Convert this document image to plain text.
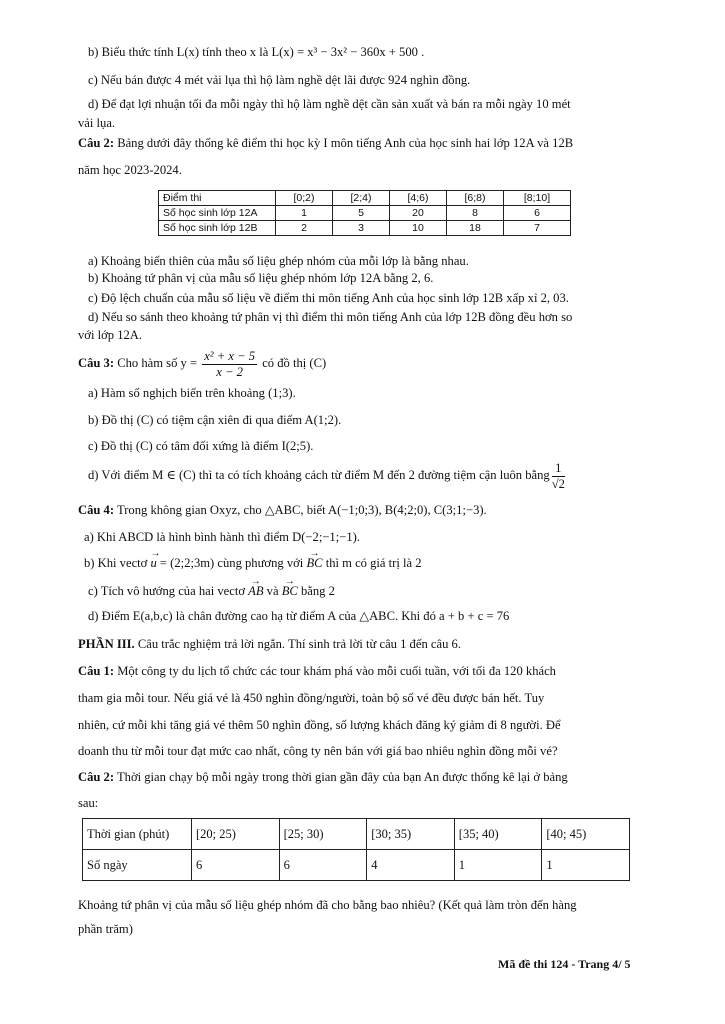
b) Biểu thức tính L(x) tính theo x là L(x) = x³ − 3x² − 360x + 500 .
c) Nếu bán được 4 mét vải lụa thì hộ làm nghề dệt lãi được 924 nghìn đồng.
d) Để đạt lợi nhuận tối đa mỗi ngày thì hộ làm nghề dệt cần sản xuất và bán ra mỗi ngày 10 mét
vải lụa.
Câu 2: Bảng dưới đây thống kê điểm thi học kỳ I môn tiếng Anh của học sinh hai lớp 12A và 12B
năm học 2023-2024.
Điểm thi	[0;2)	[2;4)	[4;6)	[6;8)	[8;10]
Số học sinh lớp 12A	1	5	20	8	6
Số học sinh lớp 12B	2	3	10	18	7
a) Khoảng biến thiên của mẫu số liệu ghép nhóm của mỗi lớp là bằng nhau.
b) Khoảng tứ phân vị của mẫu số liệu ghép nhóm lớp 12A bằng 2, 6.
c) Độ lệch chuẩn của mẫu số liệu về điểm thi môn tiếng Anh của học sinh lớp 12B xấp xỉ 2, 03.
d) Nếu so sánh theo khoảng tứ phân vị thì điểm thi môn tiếng Anh của lớp 12B đồng đều hơn so
với lớp 12A.
Câu 3: Cho hàm số $y = \frac{\text{x² + x − 5}}{x - 2}$ có đồ thị (C)
a) Hàm số nghịch biến trên khoảng (1;3).
b) Đồ thị (C) có tiệm cận xiên đi qua điểm A(1;2).
c) Đồ thị (C) có tâm đối xứng là điểm I(2;5).
d) Với điểm M ∈ (C) thì ta có tích khoảng cách từ điểm M đến 2 đường tiệm cận luôn bằng $\frac{1}{√2}$
Câu 4: Trong không gian Oxyz, cho △ABC, biết A(−1;0;3), B(4;2;0), C(3;1;−3).
a) Khi ABCD là hình bình hành thì điểm D(−2;−1;−1).
b) Khi vectơ → u = (2;2;3m) cùng phương với → BC thì m có giá trị là 2
c) Tích vô hướng của hai vectơ → AB và → BC bằng 2
d) Điểm E(a,b,c) là chân đường cao hạ từ điểm A của △ABC. Khi đó a + b + c = 76
PHẦN III. Câu trắc nghiệm trả lời ngắn. Thí sinh trả lời từ câu 1 đến câu 6.
Câu 1: Một công ty du lịch tổ chức các tour khám phá vào mỗi cuối tuần, với tối đa 120 khách
tham gia mỗi tour. Nếu giá vé là 450 nghìn đồng/người, toàn bộ số vé đều được bán hết. Tuy
nhiên, cứ mỗi khi tăng giá vé thêm 50 nghìn đồng, số lượng khách đăng ký giảm đi 8 người. Để
doanh thu từ mỗi tour đạt mức cao nhất, công ty nên bán với giá bao nhiêu nghìn đồng mỗi vé?
Câu 2: Thời gian chạy bộ mỗi ngày trong thời gian gần đây của bạn An được thống kê lại ở bảng
sau:
Thời gian (phút)	[20; 25)	[25; 30)	[30; 35)	[35; 40)	[40; 45)
Số ngày	6	6	4	1	1
Khoảng tứ phân vị của mẫu số liệu ghép nhóm đã cho bằng bao nhiêu? (Kết quả làm tròn đến hàng
phần trăm)
Mã đề thi 124 - Trang 4/ 5
